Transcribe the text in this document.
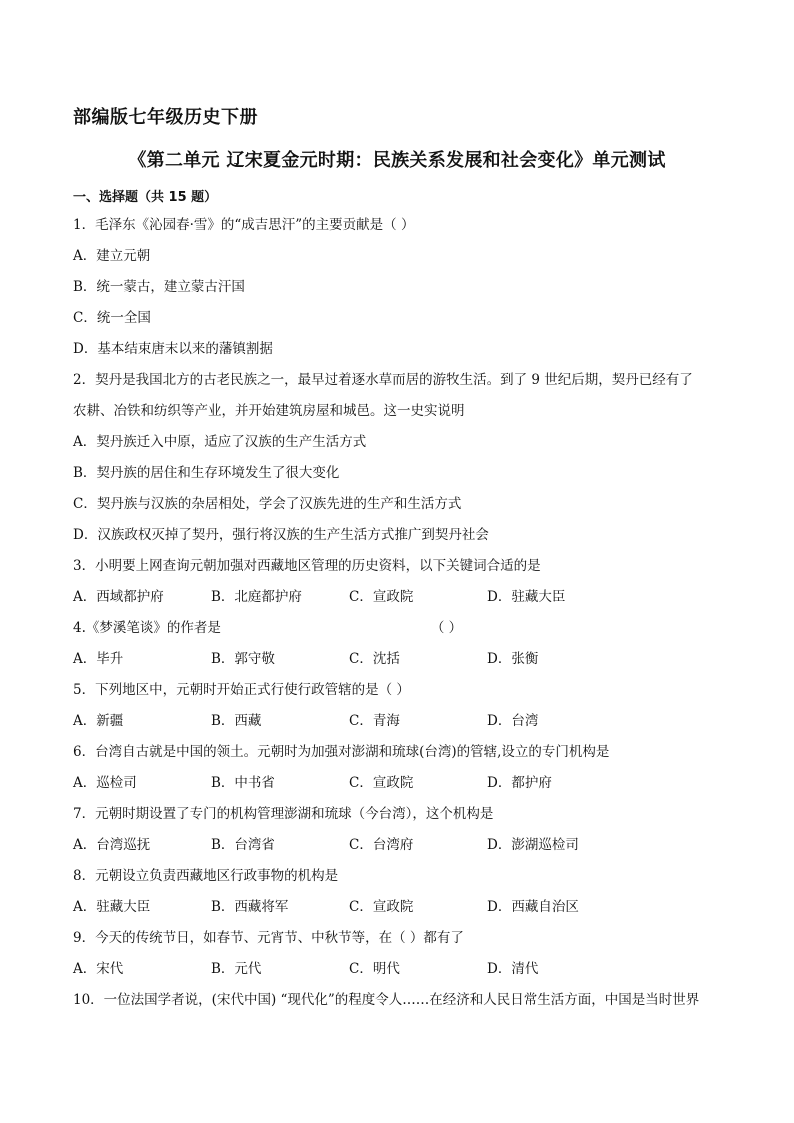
部编版七年级历史下册
《第二单元 辽宋夏金元时期：民族关系发展和社会变化》单元测试
一、选择题（共 15 题）
1．毛泽东《沁园春·雪》的“成吉思汗”的主要贡献是（ ）
A．建立元朝
B．统一蒙古，建立蒙古汗国
C．统一全国
D．基本结束唐末以来的藩镇割据
2．契丹是我国北方的古老民族之一，最早过着逐水草而居的游牧生活。到了 9 世纪后期，契丹已经有了
农耕、冶铁和纺织等产业，并开始建筑房屋和城邑。这一史实说明
A．契丹族迁入中原，适应了汉族的生产生活方式
B．契丹族的居住和生存环境发生了很大变化
C．契丹族与汉族的杂居相处，学会了汉族先进的生产和生活方式
D．汉族政权灭掉了契丹，强行将汉族的生产生活方式推广到契丹社会
3．小明要上网查询元朝加强对西藏地区管理的历史资料，以下关键词合适的是
A．西域都护府	B．北庭都护府	C．宣政院	D．驻藏大臣
4.《梦溪笔谈》的作者是	（ ）
A．毕升	B．郭守敬	C．沈括	D．张衡
5．下列地区中，元朝时开始正式行使行政管辖的是（ ）
A．新疆	B．西藏	C．青海	D．台湾
6．台湾自古就是中国的领土。元朝时为加强对澎湖和琉球(台湾)的管辖,设立的专门机构是
A．巡检司	B．中书省	C．宣政院	D．都护府
7．元朝时期设置了专门的机构管理澎湖和琉球（今台湾），这个机构是
A．台湾巡抚	B．台湾省	C．台湾府	D．澎湖巡检司
8．元朝设立负责西藏地区行政事物的机构是
A．驻藏大臣	B．西藏将军	C．宣政院	D．西藏自治区
9．今天的传统节日，如春节、元宵节、中秋节等，在（ ）都有了
A．宋代	B．元代	C．明代	D．清代
10．一位法国学者说，(宋代中国) “现代化”的程度令人……在经济和人民日常生活方面，中国是当时世界
